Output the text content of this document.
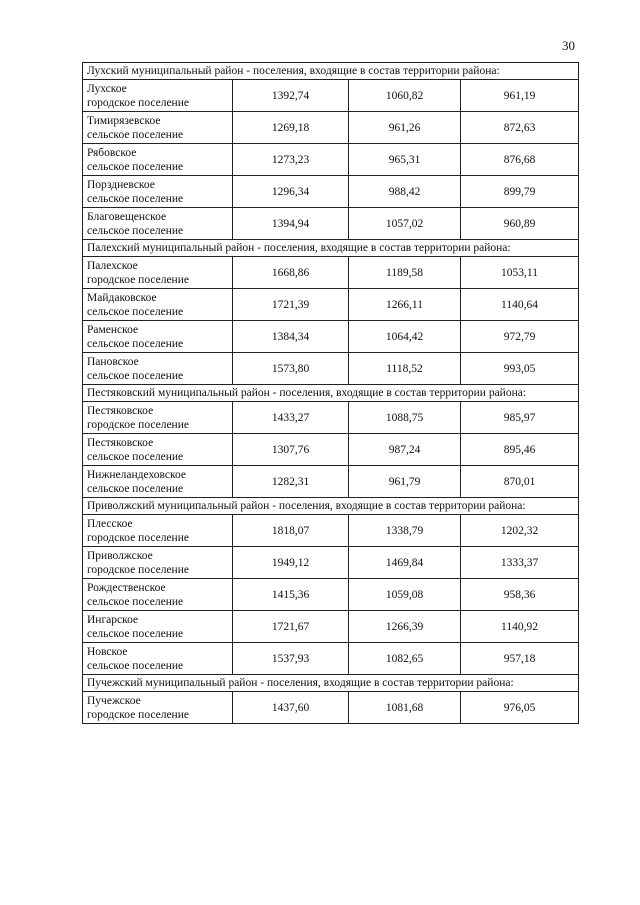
30
Лухский муниципальный район - поселения, входящие в состав территории района:			

Лухское
городское поселение	1392,74	1060,82	961,19

Тимирязевское
сельское поселение	1269,18	961,26	872,63

Рябовское
сельское поселение	1273,23	965,31	876,68

Порздневское
сельское поселение	1296,34	988,42	899,79

Благовещенское
сельское поселение	1394,94	1057,02	960,89
Палехский муниципальный район - поселения, входящие в состав территории района:			

Палехское
городское поселение	1668,86	1189,58	1053,11

Майдаковское
сельское поселение	1721,39	1266,11	1140,64

Раменское
сельское поселение	1384,34	1064,42	972,79

Пановское
сельское поселение	1573,80	1118,52	993,05
Пестяковский муниципальный район - поселения, входящие в состав территории района:			

Пестяковское
городское поселение	1433,27	1088,75	985,97

Пестяковское
сельское поселение	1307,76	987,24	895,46

Нижнеландеховское
сельское поселение	1282,31	961,79	870,01
Приволжский муниципальный район - поселения, входящие в состав территории района:			

Плесское
городское поселение	1818,07	1338,79	1202,32

Приволжское
городское поселение	1949,12	1469,84	1333,37

Рождественское
сельское поселение	1415,36	1059,08	958,36

Ингарское
сельское поселение	1721,67	1266,39	1140,92

Новское
сельское поселение	1537,93	1082,65	957,18
Пучежский муниципальный район - поселения, входящие в состав территории района:			

Пучежское
городское поселение	1437,60	1081,68	976,05
